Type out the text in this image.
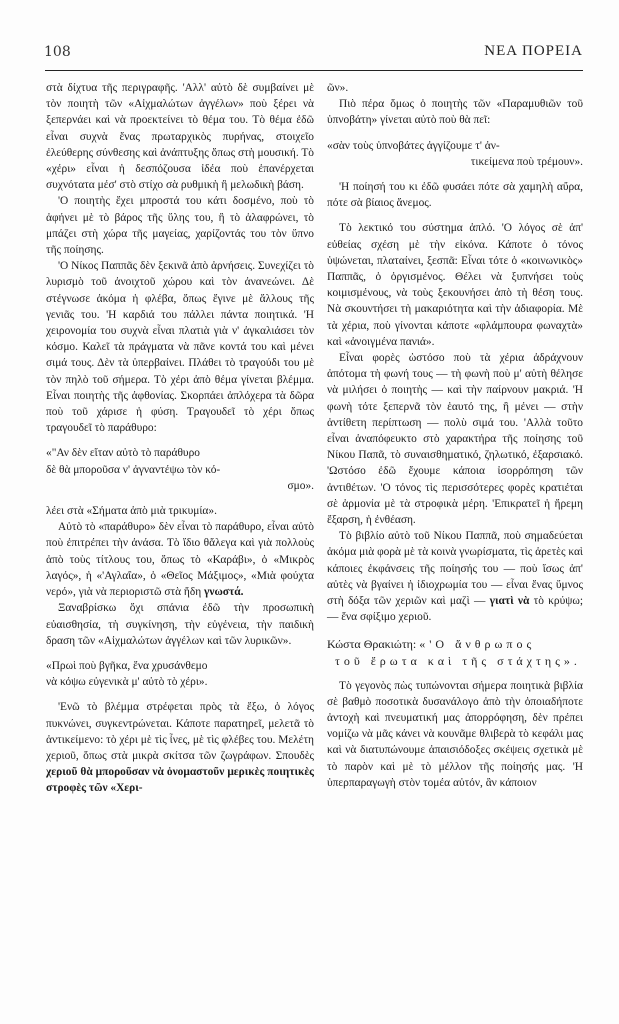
108	ΝΕΑ ΠΟΡΕΙΑ

στὰ δίχτυα τῆς περιγραφῆς. 'Αλλ' αὐτὸ δὲ συμβαίνει μὲ τὸν ποιητὴ τῶν «Αἰχμαλώτων ἀγγέλων» ποὺ ξέρει νὰ ξεπερνάει καὶ νὰ προεκτείνει τὸ θέμα του. Τὸ θέμα ἐδῶ εἶναι συχνὰ ἕνας πρωταρχικὸς πυρήνας, στοιχεῖο ἐλεύθερης σύνθεσης καὶ ἀνάπτυξης ὅπως στὴ μουσική. Τὸ «χέρι» εἶναι ἡ δεσπόζουσα ἰδέα ποὺ ἐπανέρχεται συχνότατα μέσ' στὸ στίχο σὰ ρυθμικὴ ἢ μελωδικὴ βάση.

'Ο ποιητὴς ἔχει μπροστά του κάτι δοσμένο, ποὺ τὸ ἀφήνει μὲ τὸ βάρος τῆς ὕλης του, ἢ τὸ ἀλαφρώνει, τὸ μπάζει στὴ χώρα τῆς μαγείας, χαρίζοντάς του τὸν ὕπνο τῆς ποίησης.

'Ο Νίκος Παππᾶς δὲν ξεκινᾶ ἀπὸ ἀρνήσεις. Συνεχίζει τὸ λυρισμὸ τοῦ ἀνοιχτοῦ χώρου καὶ τὸν ἀνανεώνει. Δὲ στέγνωσε ἀκόμα ἡ φλέβα, ὅπως ἔγινε μὲ ἄλλους τῆς γενιᾶς του. 'Η καρδιά του πάλλει πάντα ποιητικά. 'Η χειρονομία του συχνὰ εἶναι πλατιὰ γιὰ ν' ἀγκαλιάσει τὸν κόσμο. Καλεῖ τὰ πράγματα νὰ πᾶνε κοντά του καὶ μένει σιμά τους. Δὲν τὰ ὑπερβαίνει. Πλάθει τὸ τραγούδι του μὲ τὸν πηλὸ τοῦ σήμερα. Τὸ χέρι ἀπὸ θέμα γίνεται βλέμμα. Εἶναι ποιητὴς τῆς ἀφθονίας. Σκορπάει ἁπλόχερα τὰ δῶρα ποὺ τοῦ χάρισε ἡ φύση. Τραγουδεῖ τὸ χέρι ὅπως τραγουδεῖ τὸ παράθυρο:

«"Αν δὲν εἴταν αὐτὸ τὸ παράθυρο
δὲ θὰ μποροῦσα ν' ἀγναντέψω τὸν κό-
σμο».

λέει στὰ «Σήματα ἀπὸ μιὰ τρικυμία».

Αὐτὸ τὸ «παράθυρο» δὲν εἶναι τὸ παράθυρο, εἶναι αὐτὸ ποὺ ἐπιτρέπει τὴν ἀνάσα. Τὸ ἴδιο θἄλεγα καὶ γιὰ πολλοὺς ἀπὸ τοὺς τίτλους του, ὅπως τὸ «Καράβι», ὁ «Μικρὸς λαγός», ἡ «'Αγλαΐα», ὁ «Θεῖος Μάξιμος», «Μιὰ φούχτα νερό», γιὰ νὰ περιοριστῶ στὰ ἤδη γνωστά.

Ξαναβρίσκω ὄχι σπάνια ἐδῶ τὴν προσωπικὴ εὐαισθησία, τὴ συγκίνηση, τὴν εὐγένεια, τὴν παιδικὴ δραση τῶν «Αἰχμαλώτων ἀγγέλων καὶ τῶν λυρικῶν».

«Πρωὶ ποὺ βγῆκα, ἕνα χρυσάνθεμο
νὰ κόψω εὐγενικὰ μ' αὐτὸ τὸ χέρι».

'Ενῶ τὸ βλέμμα στρέφεται πρὸς τὰ ἔξω, ὁ λόγος πυκνώνει, συγκεντρώνεται. Κάποτε παρατηρεῖ, μελετᾶ τὸ ἀντικείμενο: τὸ χέρι μὲ τὶς ἶνες, μὲ τὶς φλέβες του. Μελέτη χεριοῦ, ὅπως στὰ μικρὰ σκίτσα τῶν ζωγράφων. Σπουδὲς χεριοῦ θὰ μποροῦσαν νὰ ὀνομαστοῦν μερικὲς ποιητικὲς στροφὲς τῶν «Χερι-

ῶν».

Πιὸ πέρα ὅμως ὁ ποιητὴς τῶν «Παραμυθιῶν τοῦ ὑπνοβάτη» γίνεται αὐτὸ ποὺ θὰ πεῖ:

«σὰν τοὺς ὑπνοβάτες ἀγγίζουμε τ' ἀν-
τικείμενα ποὺ τρέμουν».

'Η ποίησή του κι ἐδῶ φυσάει πότε σὰ χαμηλὴ αὔρα, πότε σὰ βίαιος ἄνεμος.

Τὸ λεκτικό του σύστημα ἁπλό. 'Ο λόγος σὲ ἀπ' εὐθείας σχέση μὲ τὴν εἰκόνα. Κάποτε ὁ τόνος ὑψώνεται, πλαταίνει, ξεσπᾶ: Εἶναι τότε ὁ «κοινωνικὸς» Παππᾶς, ὁ ὀργισμένος. Θέλει νὰ ξυπνήσει τοὺς κοιμισμένους, νὰ τοὺς ξεκουνήσει ἀπὸ τὴ θέση τους. Νὰ σκουντήσει τὴ μακαριότητα καὶ τὴν ἀδιαφορία. Μὲ τὰ χέρια, ποὺ γίνονται κάποτε «φλάμπουρα φωναχτὰ» καὶ «ἀνοιγμένα πανιά».

Εἶναι φορὲς ὡστόσο ποὺ τὰ χέρια ἀδράχνουν ἀπότομα τὴ φωνή τους — τὴ φωνὴ ποὺ μ' αὐτὴ θέλησε νὰ μιλήσει ὁ ποιητὴς — καὶ τὴν παίρνουν μακριά. 'Η φωνὴ τότε ξεπερνᾶ τὸν ἑαυτό της, ἢ μένει — στὴν ἀντίθετη περίπτωση — πολὺ σιμά του. 'Αλλὰ τοῦτο εἶναι ἀναπόφευκτο στὸ χαρακτήρα τῆς ποίησης τοῦ Νίκου Παπᾶ, τὸ συναισθηματικό, ζηλωτικό, ἐξαρσιακό. 'Ωστόσο ἐδῶ ἔχουμε κάποια ἰσορρόπηση τῶν ἀντιθέτων. 'Ο τόνος τὶς περισσότερες φορὲς κρατιέται σὲ ἁρμονία μὲ τὰ στροφικὰ μέρη. 'Επικρατεῖ ἡ ἤρεμη ἔξαρση, ἡ ἐνθέαση.

Τὸ βιβλίο αὐτὸ τοῦ Νίκου Παππᾶ, ποὺ σημαδεύεται ἀκόμα μιὰ φορὰ μὲ τὰ κοινὰ γνωρίσματα, τὶς ἀρετὲς καὶ κάποιες ἐκφάνσεις τῆς ποίησής του — ποὺ ἴσως ἀπ' αὐτὲς νὰ βγαίνει ἡ ἰδιοχρωμία του — εἶναι ἕνας ὕμνος στὴ δόξα τῶν χεριῶν καὶ μαζὶ — γιατὶ νὰ τὸ κρύψω; — ἕνα σφίξιμο χεριοῦ.

Κώστα Θρακιώτη: «'Ο ἄνθρωπος
τοῦ ἔρωτα καὶ τῆς στάχτης».

Τὸ γεγονὸς πὼς τυπώνονται σήμερα ποιητικὰ βιβλία σὲ βαθμὸ ποσοτικὰ δυσανάλογο ἀπὸ τὴν ὁποιαδήποτε ἀντοχὴ καὶ πνευματική μας ἀπορρόφηση, δὲν πρέπει νομίζω νὰ μᾶς κάνει νὰ κουνᾶμε θλιβερὰ τὸ κεφάλι μας καὶ νὰ διατυπώνουμε ἀπαισιόδοξες σκέψεις σχετικὰ μὲ τὸ παρὸν καὶ μὲ τὸ μέλλον τῆς ποίησής μας. 'Η ὑπερπαραγωγὴ στὸν τομέα αὐτόν, ἂν κάποιον
